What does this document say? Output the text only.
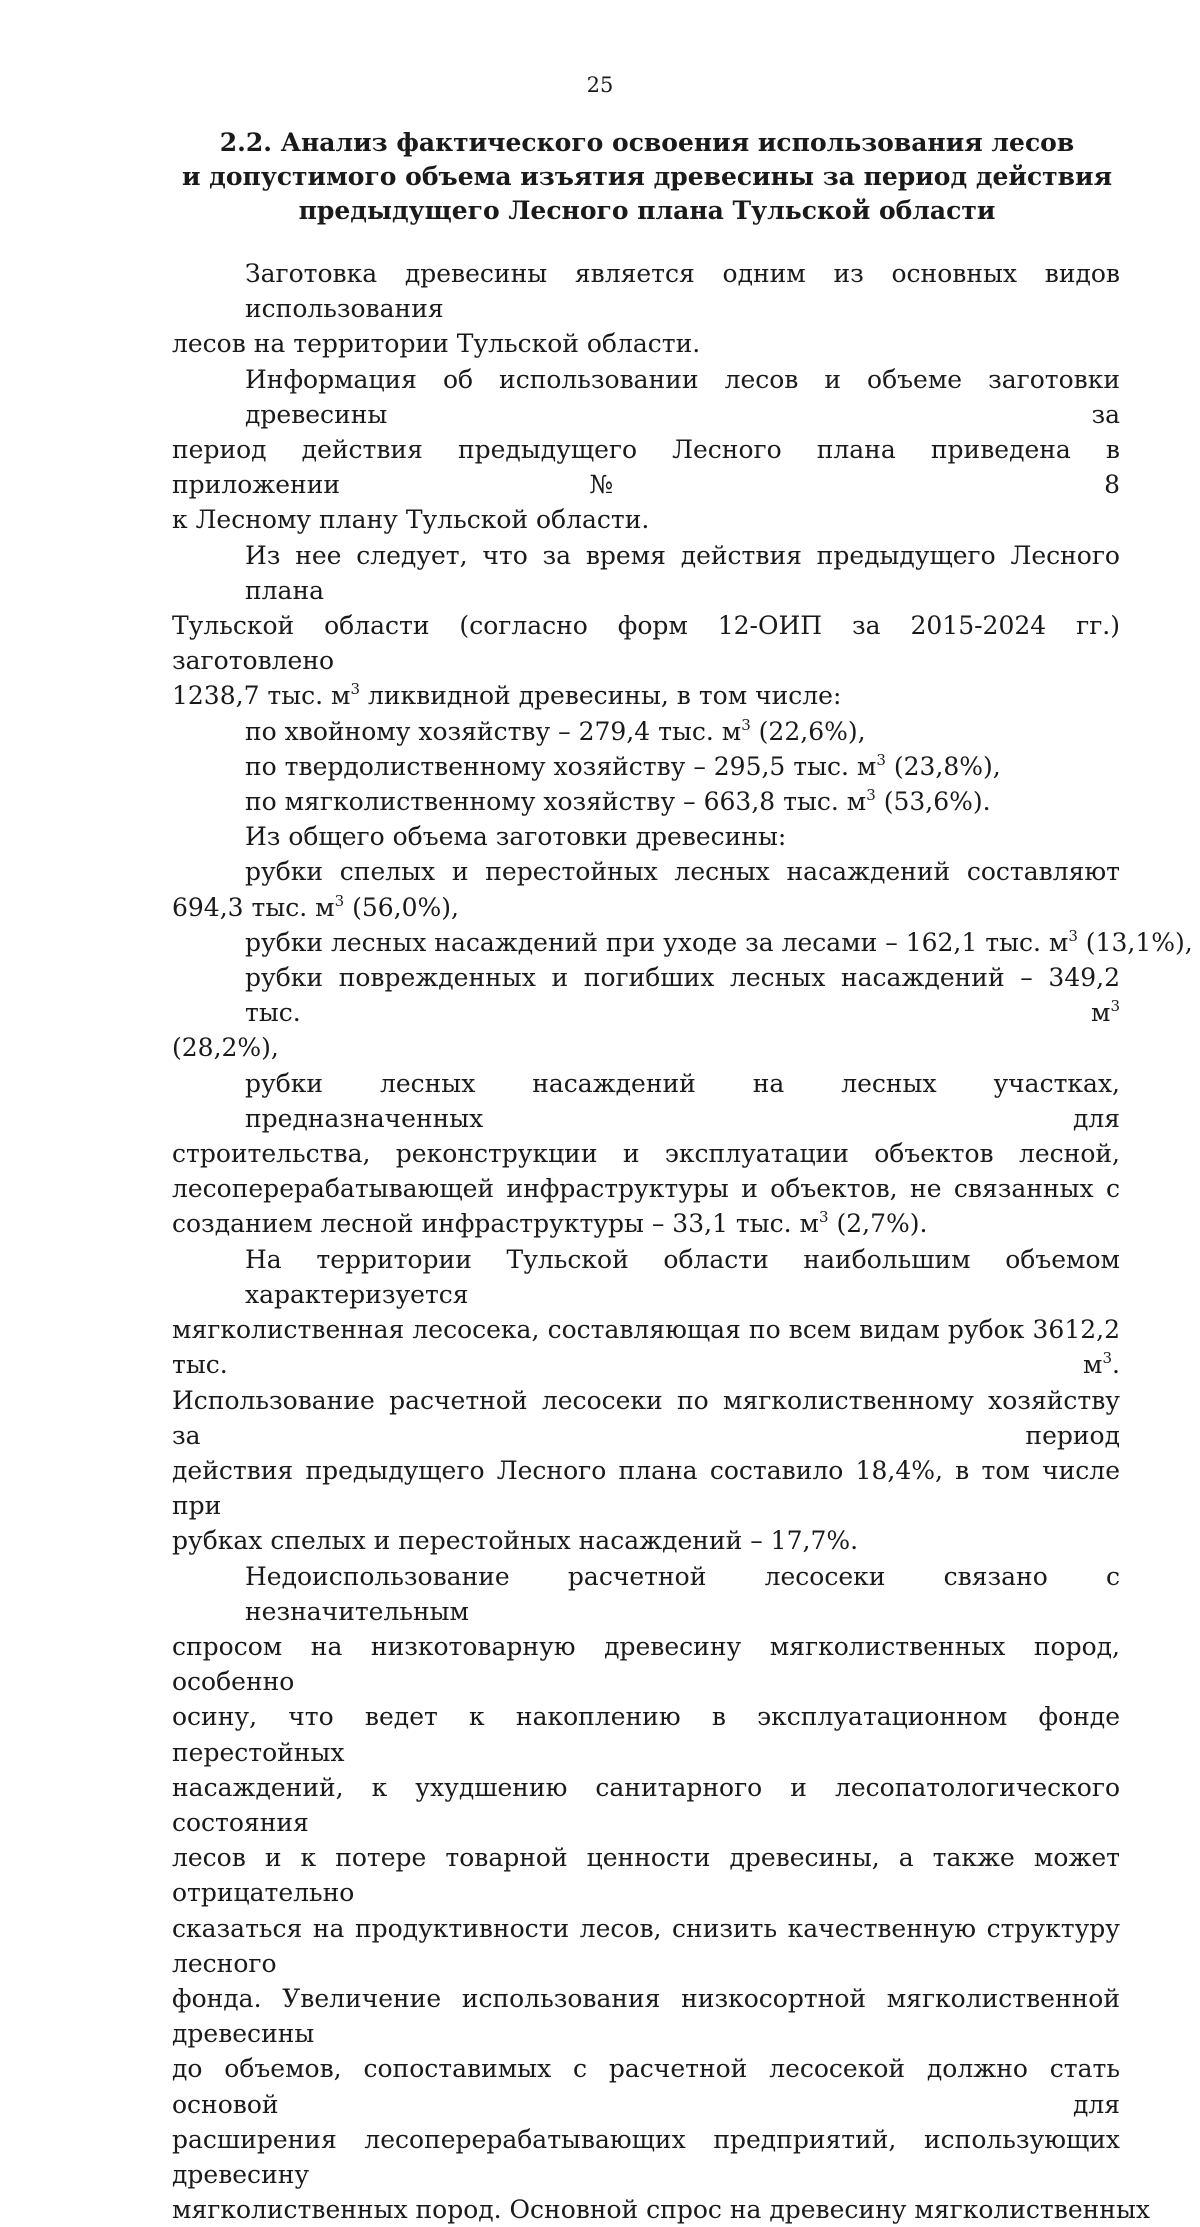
25
2.2. Анализ фактического освоения использования лесов
и допустимого объема изъятия древесины за период действия
предыдущего Лесного плана Тульской области
Заготовка древесины является одним из основных видов использования
лесов на территории Тульской области.
Информация об использовании лесов и объеме заготовки древесины за
период действия предыдущего Лесного плана приведена в приложении № 8
к Лесному плану Тульской области.
Из нее следует, что за время действия предыдущего Лесного плана
Тульской области (согласно форм 12-ОИП за 2015-2024 гг.) заготовлено
1238,7 тыс. $м^3$ ликвидной древесины, в том числе:
по хвойному хозяйству – 279,4 тыс. $м^3$ (22,6%),
по твердолиственному хозяйству – 295,5 тыс. $м^3$ (23,8%),
по мягколиственному хозяйству – 663,8 тыс. $м^3$ (53,6%).
Из общего объема заготовки древесины:
рубки спелых и перестойных лесных насаждений составляют
694,3 тыс. $м^3$ (56,0%),
рубки лесных насаждений при уходе за лесами – 162,1 тыс. $м^3$ (13,1%),
рубки поврежденных и погибших лесных насаждений – 349,2 тыс. $м^3$
(28,2%),
рубки лесных насаждений на лесных участках, предназначенных для
строительства, реконструкции и эксплуатации объектов лесной,
лесоперерабатывающей инфраструктуры и объектов, не связанных с
созданием лесной инфраструктуры – 33,1 тыс. $м^3$ (2,7%).
На территории Тульской области наибольшим объемом характеризуется
мягколиственная лесосека, составляющая по всем видам рубок 3612,2 тыс. $м^3$.
Использование расчетной лесосеки по мягколиственному хозяйству за период
действия предыдущего Лесного плана составило 18,4%, в том числе при
рубках спелых и перестойных насаждений – 17,7%.
Недоиспользование расчетной лесосеки связано с незначительным
спросом на низкотоварную древесину мягколиственных пород, особенно
осину, что ведет к накоплению в эксплуатационном фонде перестойных
насаждений, к ухудшению санитарного и лесопатологического состояния
лесов и к потере товарной ценности древесины, а также может отрицательно
сказаться на продуктивности лесов, снизить качественную структуру лесного
фонда. Увеличение использования низкосортной мягколиственной древесины
до объемов, сопоставимых с расчетной лесосекой должно стать основой для
расширения лесоперерабатывающих предприятий, использующих древесину
мягколиственных пород. Основной спрос на древесину мягколиственных
